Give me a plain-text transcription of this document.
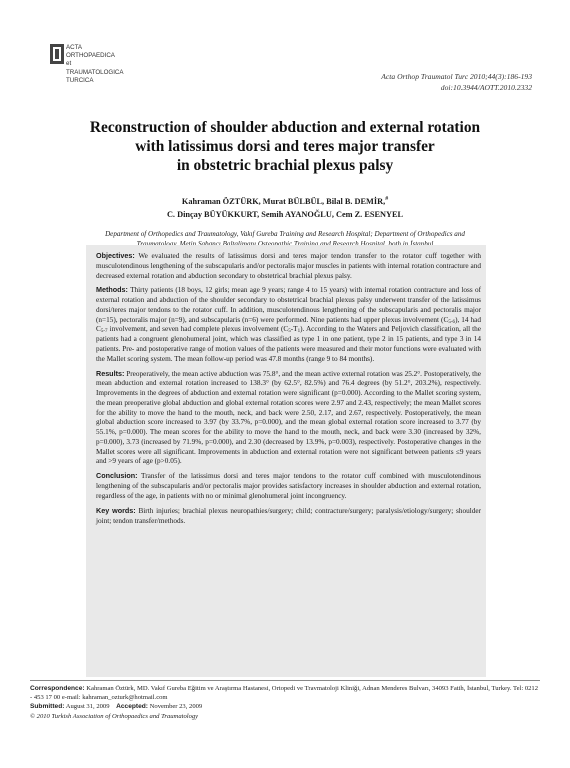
ACTA
ORTHOPAEDICA
et
TRAUMATOLOGICA
TURCICA	Acta Orthop Traumatol Turc 2010;44(3):186-193
doi:10.3944/AOTT.2010.2332
Reconstruction of shoulder abduction and external rotation
with latissimus dorsi and teres major transfer
in obstetric brachial plexus palsy
Kahraman ÖZTÜRK, Murat BÜLBÜL, Bilal B. DEMİR,#
C. Dinçay BÜYÜKKURT, Semih AYANOĞLU, Cem Z. ESENYEL
Department of Orthopedics and Traumatology, Vakıf Gureba Training and Research Hospital; Department of Orthopedics and

Objectives: We evaluated the results of latissimus dorsi and teres major tendon transfer to the rotator cuff together with musculotendinous lengthening of the subscapularis and/or pectoralis major muscles in patients with internal rotation contracture and decreased external rotation and abduction secondary to obstetrical brachial plexus palsy.

Methods: Thirty patients (18 boys, 12 girls; mean age 9 years; range 4 to 15 years) with internal rotation contracture and loss of external rotation and abduction of the shoulder secondary to obstetrical brachial plexus palsy underwent transfer of the latissimus dorsi/teres major tendons to the rotator cuff. In addition, musculotendinous lengthening of the subscapularis and pectoralis major (n=15), pectoralis major (n=9), and subscapularis (n=6) were performed. Nine patients had upper plexus involvement $(C_{5-6})$, 14 had $C_{5-7}$ involvement, and seven had complete plexus involvement $(C_5-T_1)$. According to the Waters and Peljovich classification, all the patients had a congruent glenohumeral joint, which was classified as type 1 in one patient, type 2 in 15 patients, and type 3 in 14 patients. Pre- and postoperative range of motion values of the patients were measured and their motor functions were evaluated with the Mallet scoring system. The mean follow-up period was 47.8 months (range 9 to 84 months).

Results: Preoperatively, the mean active abduction was 75.8°, and the mean active external rotation was 25.2°. Postoperatively, the mean abduction and external rotation increased to 138.3° (by 62.5°, 82.5%) and 76.4 degrees (by 51.2°, 203.2%), respectively. Improvements in the degrees of abduction and external rotation were significant (p=0.000). According to the Mallet scoring system, the mean preoperative global abduction and global external rotation scores were 2.97 and 2.43, respectively; the mean Mallet scores for the ability to move the hand to the mouth, neck, and back were 2.50, 2.17, and 2.67, respectively. Postoperatively, the mean global abduction score increased to 3.97 (by 33.7%, p=0.000), and the mean global external rotation score increased to 3.77 (by 55.1%, p=0.000). The mean scores for the ability to move the hand to the mouth, neck, and back were 3.30 (increased by 32%, p=0.000), 3.73 (increased by 71.9%, p=0.000), and 2.30 (decreased by 13.9%, p=0.003), respectively. Postoperative changes in the Mallet scores were all significant. Improvements in abduction and external rotation were not significant between patients ≤9 years and >9 years of age (p>0.05).

Conclusion: Transfer of the latissimus dorsi and teres major tendons to the rotator cuff combined with musculotendinous lengthening of the subscapularis and/or pectoralis major provides satisfactory increases in shoulder abduction and external rotation, regardless of the age, in patients with no or minimal glenohumeral joint incongruency.

Key words: Birth injuries; brachial plexus neuropathies/surgery; child; contracture/surgery; paralysis/etiology/surgery; shoulder joint; tendon transfer/methods.

Correspondence: Kahraman Öztürk, MD. Vakıf Gureba Eğitim ve Araştırma Hastanesi, Ortopedi ve Travmatoloji Kliniği, Adnan Menderes Bulvarı, 34093 Fatih, İstanbul, Turkey. Tel: 0212 - 453 17 00 e-mail: kahraman_ozturk@hotmail.com
Submitted: August 31, 2009 Accepted: November 23, 2009
© 2010 Turkish Association of Orthopaedics and Traumatology
